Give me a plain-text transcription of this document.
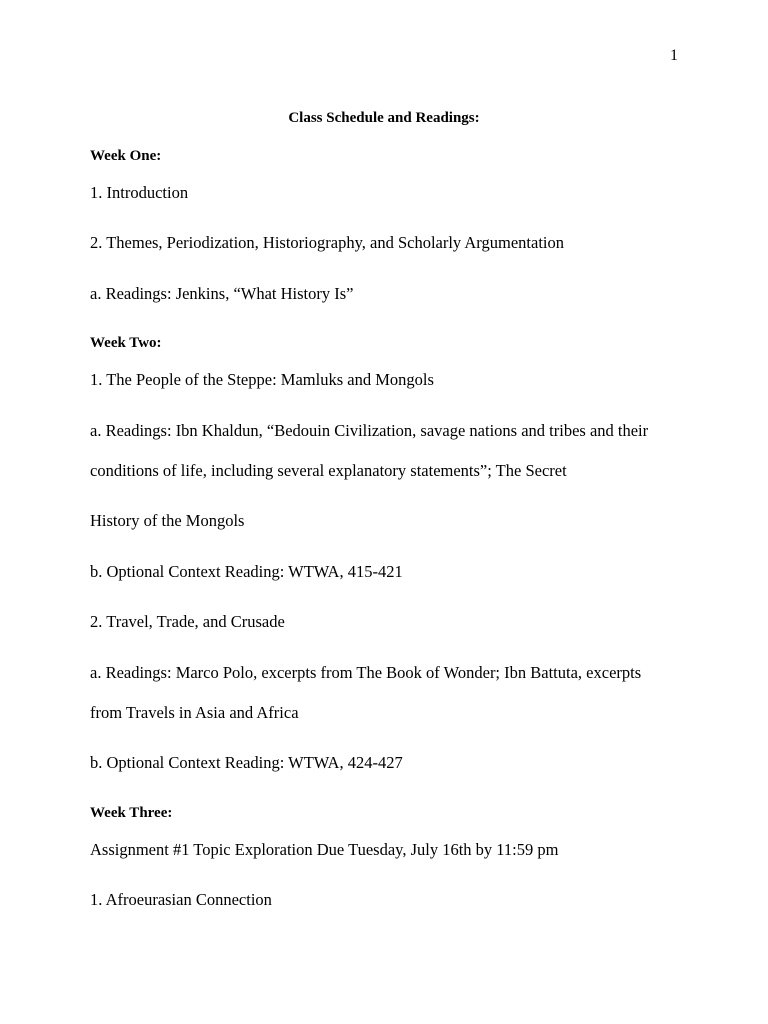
1
Class Schedule and Readings:
Week One:
1. Introduction
2. Themes, Periodization, Historiography, and Scholarly Argumentation
a. Readings: Jenkins, “What History Is”
Week Two:
1. The People of the Steppe: Mamluks and Mongols
a. Readings: Ibn Khaldun, “Bedouin Civilization, savage nations and tribes and their
conditions of life, including several explanatory statements”; The Secret
History of the Mongols
b. Optional Context Reading: WTWA, 415-421
2. Travel, Trade, and Crusade
a. Readings: Marco Polo, excerpts from The Book of Wonder; Ibn Battuta, excerpts
from Travels in Asia and Africa
b. Optional Context Reading: WTWA, 424-427
Week Three:
Assignment #1 Topic Exploration Due Tuesday, July 16th by 11:59 pm
1. Afroeurasian Connection
